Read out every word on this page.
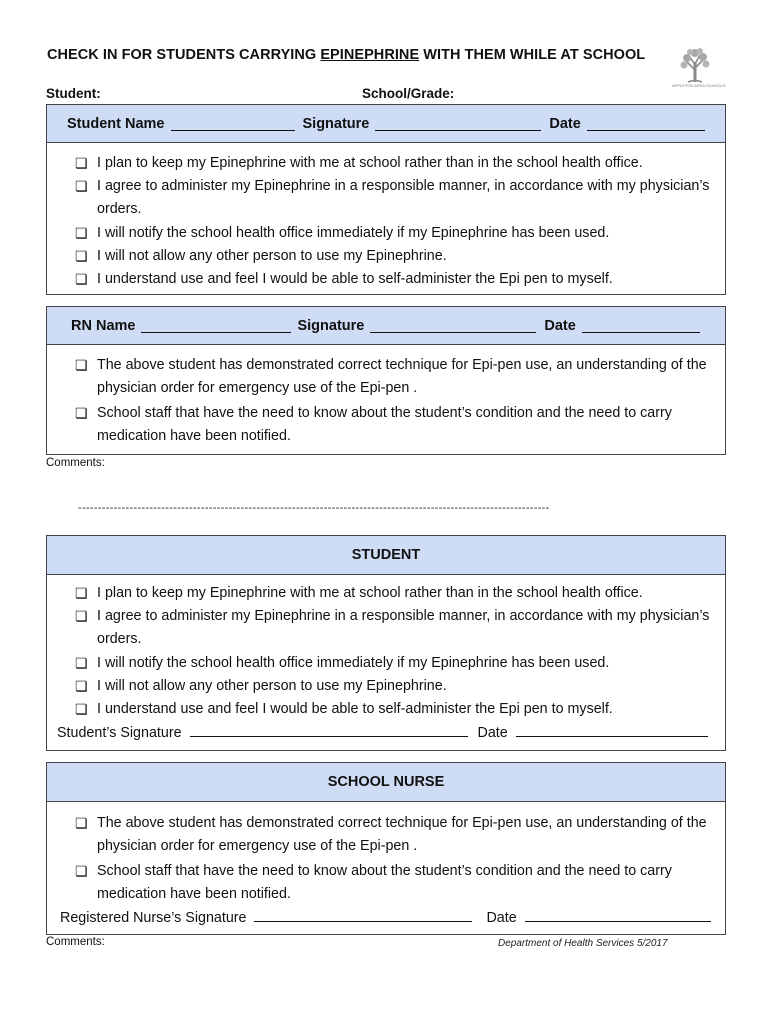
CHECK IN FOR STUDENTS CARRYING EPINEPHRINE WITH THEM WHILE AT SCHOOL
APPLETON AREA SCHOOLS
Student:	School/Grade:
Student Name	Signature	Date
❏ I plan to keep my Epinephrine with me at school rather than in the school health office.
❏ I agree to administer my Epinephrine in a responsible manner, in accordance with my physician’s orders.
❏ I will notify the school health office immediately if my Epinephrine has been used.
❏ I will not allow any other person to use my Epinephrine.
❏ I understand use and feel I would be able to self-administer the Epi pen to myself.
RN Name	Signature	Date
❏ The above student has demonstrated correct technique for Epi-pen use, an understanding of the physician order for emergency use of the Epi-pen .
❏ School staff that have the need to know about the student’s condition and the need to carry medication have been notified.
Comments:
-----------------------------------------------------------------------------------------------------------------------
STUDENT
❏ I plan to keep my Epinephrine with me at school rather than in the school health office.
❏ I agree to administer my Epinephrine in a responsible manner, in accordance with my physician’s orders.
❏ I will notify the school health office immediately if my Epinephrine has been used.
❏ I will not allow any other person to use my Epinephrine.
❏ I understand use and feel I would be able to self-administer the Epi pen to myself.
Student’s Signature	Date
SCHOOL NURSE
❏ The above student has demonstrated correct technique for Epi-pen use, an understanding of the physician order for emergency use of the Epi-pen .
❏ School staff that have the need to know about the student’s condition and the need to carry medication have been notified.
Registered Nurse’s Signature	Date
Comments:	Department of Health Services 5/2017
